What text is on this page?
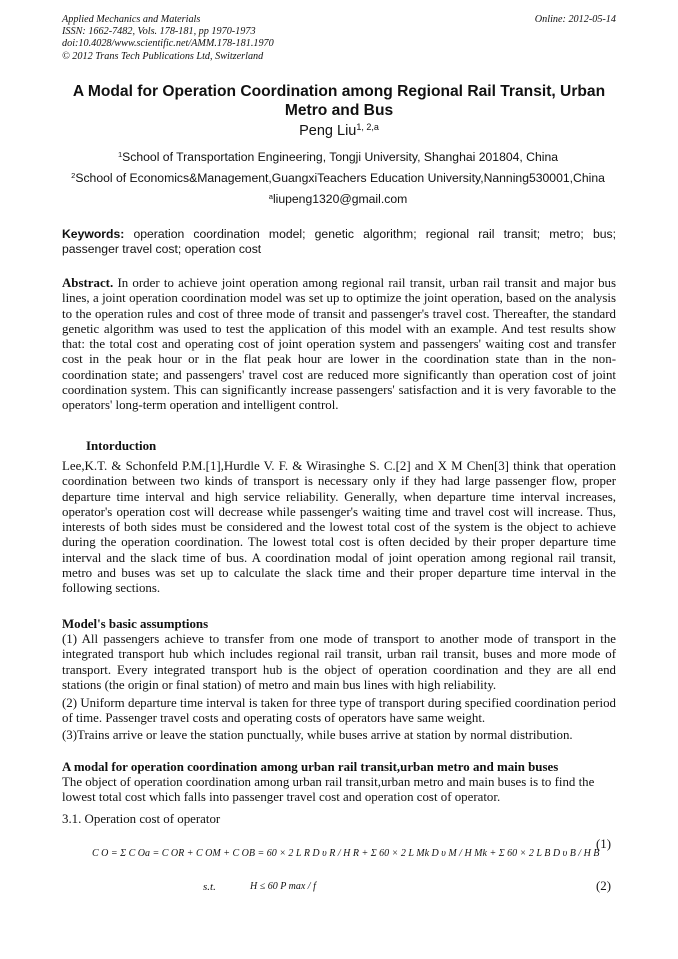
Applied Mechanics and Materials
ISSN: 1662-7482, Vols. 178-181, pp 1970-1973
doi:10.4028/www.scientific.net/AMM.178-181.1970
© 2012 Trans Tech Publications Ltd, Switzerland
Online: 2012-05-14
A Modal for Operation Coordination among Regional Rail Transit, Urban
Metro and Bus
Peng Liu$^{1, 2,a}$
$^1$School of Transportation Engineering, Tongji University, Shanghai 201804, China
$^2$School of Economics&Management,GuangxiTeachers Education University,Nanning530001,China
$^a$liupeng1320@gmail.com
Keywords: operation coordination model; genetic algorithm; regional rail transit; metro; bus; passenger travel cost; operation cost
Abstract. In order to achieve joint operation among regional rail transit, urban rail transit and major bus lines, a joint operation coordination model was set up to optimize the joint operation, based on the analysis to the operation rules and cost of three mode of transit and passenger's travel cost. Thereafter, the standard genetic algorithm was used to test the application of this model with an example. And test results show that: the total cost and operating cost of joint operation system and passengers' waiting cost and transfer cost in the peak hour or in the flat peak hour are lower in the coordination state than in the non-coordination state; and passengers' travel cost are reduced more significantly than operation cost of joint coordination system. This can significantly increase passengers' satisfaction and it is very favorable to the operators' long-term operation and intelligent control.
Intorduction
Lee,K.T. & Schonfeld P.M.[1],Hurdle V. F. & Wirasinghe S. C.[2] and X M Chen[3] think that operation coordination between two kinds of transport is necessary only if they had large passenger flow, proper departure time interval and high service reliability. Generally, when departure time interval increases, operator's operation cost will decrease while passenger's waiting time and travel cost will increase. Thus, interests of both sides must be considered and the lowest total cost of the system is the object to achieve during the operation coordination. The lowest total cost is often decided by their proper departure time interval and the slack time of bus. A coordination modal of joint operation among regional rail transit, metro and buses was set up to calculate the slack time and their proper departure time interval in the following sections.
Model's basic assumptions
(1) All passengers achieve to transfer from one mode of transport to another mode of transport in the integrated transport hub which includes regional rail transit, urban rail transit, buses and more mode of transport. Every integrated transport hub is the object of operation coordination and they are all end stations (the origin or final station) of metro and main bus lines with high reliability.
(2) Uniform departure time interval is taken for three type of transport during specified coordination period of time. Passenger travel costs and operating costs of operators have same weight.
(3)Trains arrive or leave the station punctually, while buses arrive at station by normal distribution.
A modal for operation coordination among urban rail transit,urban metro and main buses
The object of operation coordination among urban rail transit,urban metro and main buses is to find the lowest total cost which falls into passenger travel cost and operation cost of operator.
3.1. Operation cost of operator
C O = Σ C Oa = C OR + C OM + C OB = 60 × 2 L R D υ R / H R + Σ 60 × 2 L Mk D υ M / H Mk + Σ 60 × 2 L B D υ B / H B
(1)
s.t.	H ≤ 60 P max / f	(2)
